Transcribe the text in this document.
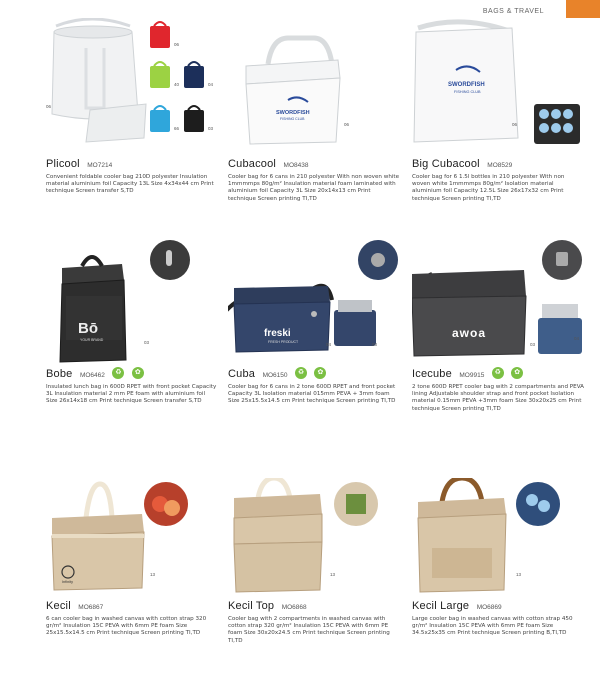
BAGS & TRAVEL
06
40	04
66	03
06
Plicool MO7214
Convenient foldable cooler bag 210D polyester Insulation material aluminium foil Capacity 13L Size 4x34x44 cm Print technique Screen transfer S,TD
SWORDFISH
FISHING CLUB
06
Cubacool MO8438
Cooler bag for 6 cans in 210 polyester With non woven white 1mmmmps 80g/m² Insulation material foam laminated with aluminium foil Capacity 3L Size 20x14x13 cm Print technique Screen printing TI,TD
SWORDFISH
FISHING CLUB
06
Big Cubacool MO8529
Cooler bag for 6 1.5l bottles in 210 polyester With non woven white 1mmmmps 80g/m² Isolation material aluminium foil Capacity 12.5L Size 26x17x32 cm Print technique Screen printing TI,TD
Bō
YOUR BRAND	03
Bobe MO6462 ♻ ✿
Insulated lunch bag in 600D RPET with front pocket Capacity 3L Insulation material 2 mm PE foam with aluminium foil Size 26x14x18 cm Print technique Screen transfer S,TD
freski
FRESH PRODUCT	04	03
Cuba MO6150 ♻ ✿
Cooler bag for 6 cans in 2 tone 600D RPET and front pocket Capacity 3L Isolation material 015mm PEVA + 3mm foam Size 25x15.5x14.5 cm Print technique Screen printing TI,TD
awoa
03
04
Icecube MO9915 ♻ ✿
2 tone 600D RPET cooler bag with 2 compartments and PEVA lining Adjustable shoulder strap and front pocket Isolation material 0.15mm PEVA +3mm foam Size 30x20x25 cm Print technique Screen printing TI,TD
Infinity
13
Kecil MO6867
6 can cooler bag in washed canvas with cotton strap 320 gr/m² Insulation 15C PEVA with 6mm PE foam Size 25x15.5x14.5 cm Print technique Screen printing TI,TD
13
Kecil Top MO6868
Cooler bag with 2 compartments in washed canvas with cotton strap 320 gr/m² Insulation 15C PEVA with 6mm PE foam Size 30x20x24.5 cm Print technique Screen printing TI,TD
13
Kecil Large MO6869
Large cooler bag in washed canvas with cotton strap 450 gr/m² Insulation 15C PEVA with 6mm PE foam Size 34.5x25x35 cm Print technique Screen printing B,TI,TD
